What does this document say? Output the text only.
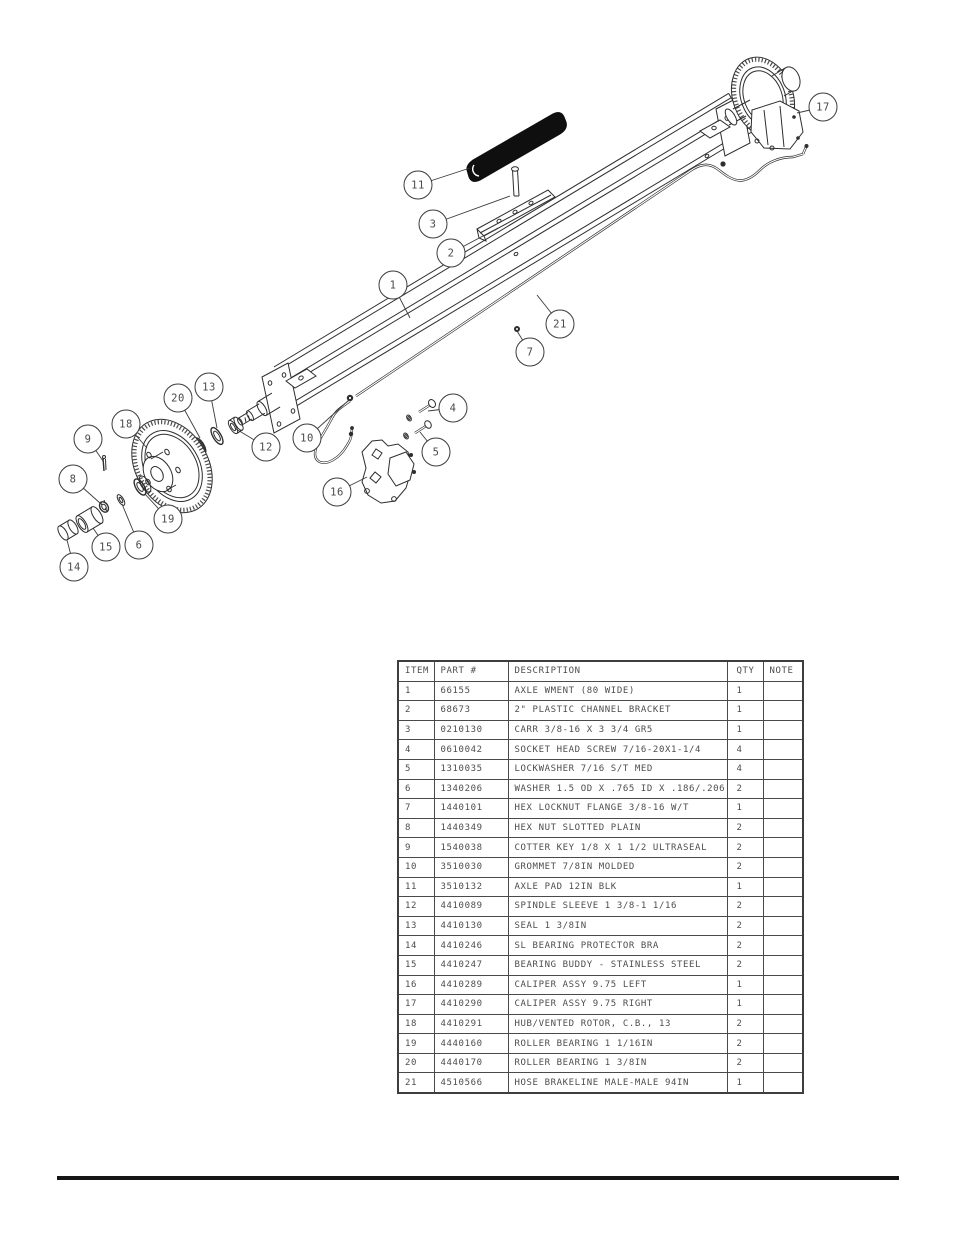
17
11
3
2
1
21
7
4
5
10
16
12
13
20
18
9
8
19
6
15
14
ITEM	PART #	DESCRIPTION	QTY	NOTE
1	66155	AXLE WMENT (80 WIDE)	1	
2	68673	2" PLASTIC CHANNEL BRACKET	1	
3	0210130	CARR 3/8-16 X 3 3/4 GR5	1	
4	0610042	SOCKET HEAD SCREW 7/16-20X1-1/4	4	
5	1310035	LOCKWASHER 7/16 S/T MED	4	
6	1340206	WASHER 1.5 OD X .765 ID X .186/.206	2	
7	1440101	HEX LOCKNUT FLANGE 3/8-16 W/T	1	
8	1440349	HEX NUT SLOTTED PLAIN	2	
9	1540038	COTTER KEY 1/8 X 1 1/2 ULTRASEAL	2	
10	3510030	GROMMET 7/8IN MOLDED	2	
11	3510132	AXLE PAD 12IN BLK	1	
12	4410089	SPINDLE SLEEVE 1 3/8-1 1/16	2	
13	4410130	SEAL 1 3/8IN	2	
14	4410246	SL BEARING PROTECTOR BRA	2	
15	4410247	BEARING BUDDY - STAINLESS STEEL	2	
16	4410289	CALIPER ASSY 9.75 LEFT	1	
17	4410290	CALIPER ASSY 9.75 RIGHT	1	
18	4410291	HUB/VENTED ROTOR, C.B., 13	2	
19	4440160	ROLLER BEARING 1 1/16IN	2	
20	4440170	ROLLER BEARING 1 3/8IN	2	
21	4510566	HOSE BRAKELINE MALE-MALE 94IN	1	
